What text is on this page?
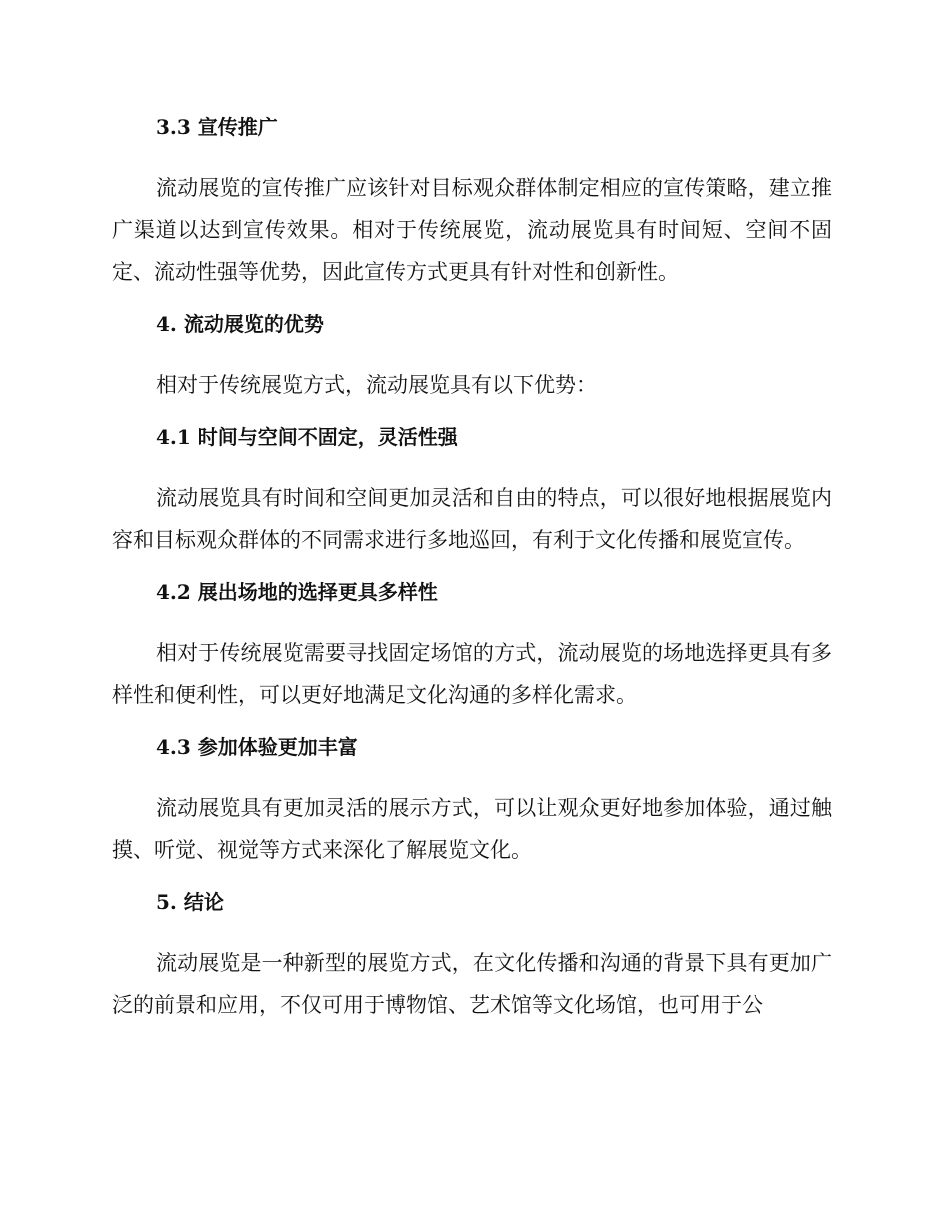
3.3 宣传推广

流动展览的宣传推广应该针对目标观众群体制定相应的宣传策略，建立推广渠道以达到宣传效果。相对于传统展览，流动展览具有时间短、空间不固定、流动性强等优势，因此宣传方式更具有针对性和创新性。

4. 流动展览的优势

相对于传统展览方式，流动展览具有以下优势：

4.1 时间与空间不固定，灵活性强

流动展览具有时间和空间更加灵活和自由的特点，可以很好地根据展览内容和目标观众群体的不同需求进行多地巡回，有利于文化传播和展览宣传。

4.2 展出场地的选择更具多样性

相对于传统展览需要寻找固定场馆的方式，流动展览的场地选择更具有多样性和便利性，可以更好地满足文化沟通的多样化需求。

4.3 参加体验更加丰富

流动展览具有更加灵活的展示方式，可以让观众更好地参加体验，通过触摸、听觉、视觉等方式来深化了解展览文化。

5. 结论

流动展览是一种新型的展览方式，在文化传播和沟通的背景下具有更加广泛的前景和应用，不仅可用于博物馆、艺术馆等文化场馆，也可用于公
